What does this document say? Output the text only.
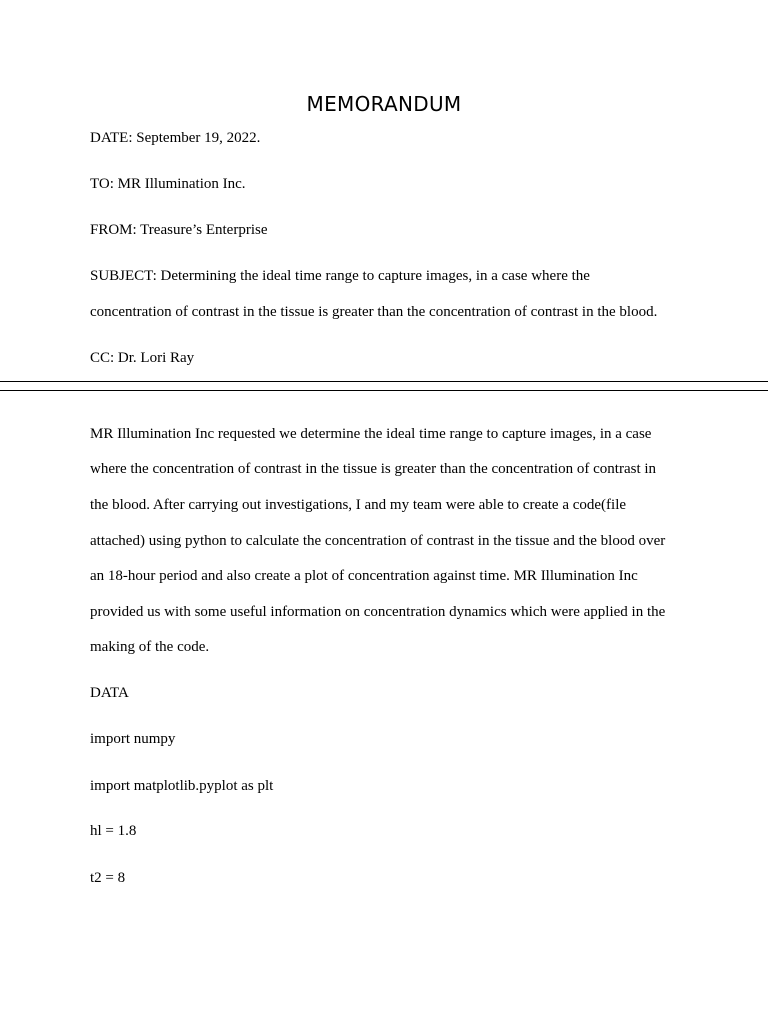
MEMORANDUM
DATE: September 19, 2022.
TO: MR Illumination Inc.
FROM: Treasure’s Enterprise
SUBJECT: Determining the ideal time range to capture images, in a case where the
concentration of contrast in the tissue is greater than the concentration of contrast in the blood.
CC: Dr. Lori Ray
MR Illumination Inc requested we determine the ideal time range to capture images, in a case
where the concentration of contrast in the tissue is greater than the concentration of contrast in
the blood. After carrying out investigations, I and my team were able to create a code(file
attached) using python to calculate the concentration of contrast in the tissue and the blood over
an 18-hour period and also create a plot of concentration against time. MR Illumination Inc
provided us with some useful information on concentration dynamics which were applied in the
making of the code.
DATA
import numpy
import matplotlib.pyplot as plt
hl = 1.8
t2 = 8
